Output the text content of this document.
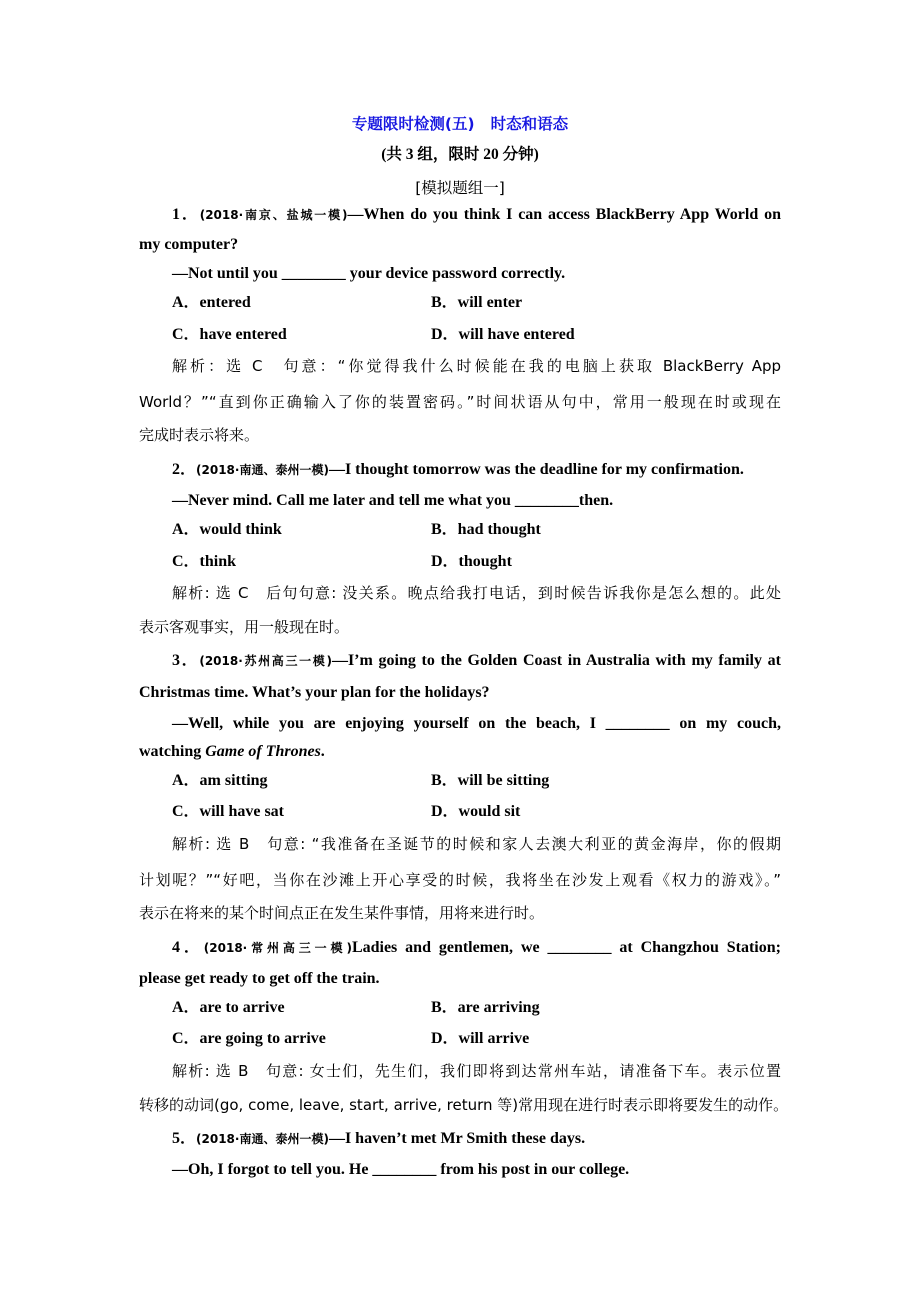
专题限时检测(五) 时态和语态
(共 3 组，限时 20 分钟)
[模拟题组一]
1．(2018·南京、盐城一模)—When do you think I can access BlackBerry App World on
my computer?
—Not until you ________ your device password correctly.
A．entered	B．will enter
C．have entered	D．will have entered
解析：选 C　句意：“你觉得我什么时候能在我的电脑上获取 BlackBerry App
World？”“直到你正确输入了你的装置密码。”时间状语从句中，常用一般现在时或现在
完成时表示将来。
2．(2018·南通、泰州一模)—I thought tomorrow was the deadline for my confirmation.
—Never mind. Call me later and tell me what you ________then.
A．would think	B．had thought
C．think	D．thought
解析: 选 C　后句句意: 没关系。晚点给我打电话，到时候告诉我你是怎么想的。此处
表示客观事实，用一般现在时。
3．(2018·苏州高三一模)—I’m going to the Golden Coast in Australia with my family at
Christmas time. What’s your plan for the holidays?
—Well, while you are enjoying yourself on the beach, I ________ on my couch,
watching Game of Thrones.
A．am sitting	B．will be sitting
C．will have sat	D．would sit
解析: 选 B　句意: “我准备在圣诞节的时候和家人去澳大利亚的黄金海岸，你的假期
计划呢？”“好吧，当你在沙滩上开心享受的时候，我将坐在沙发上观看《权力的游戏》。”
表示在将来的某个时间点正在发生某件事情，用将来进行时。
4．(2018·常州高三一模)Ladies and gentlemen, we ________ at Changzhou Station;
please get ready to get off the train.
A．are to arrive	B．are arriving
C．are going to arrive	D．will arrive
解析: 选 B　句意: 女士们，先生们，我们即将到达常州车站，请准备下车。表示位置
转移的动词(go, come, leave, start, arrive, return 等)常用现在进行时表示即将要发生的动作。
5．(2018·南通、泰州一模)—I haven’t met Mr Smith these days.
—Oh, I forgot to tell you. He ________ from his post in our college.
